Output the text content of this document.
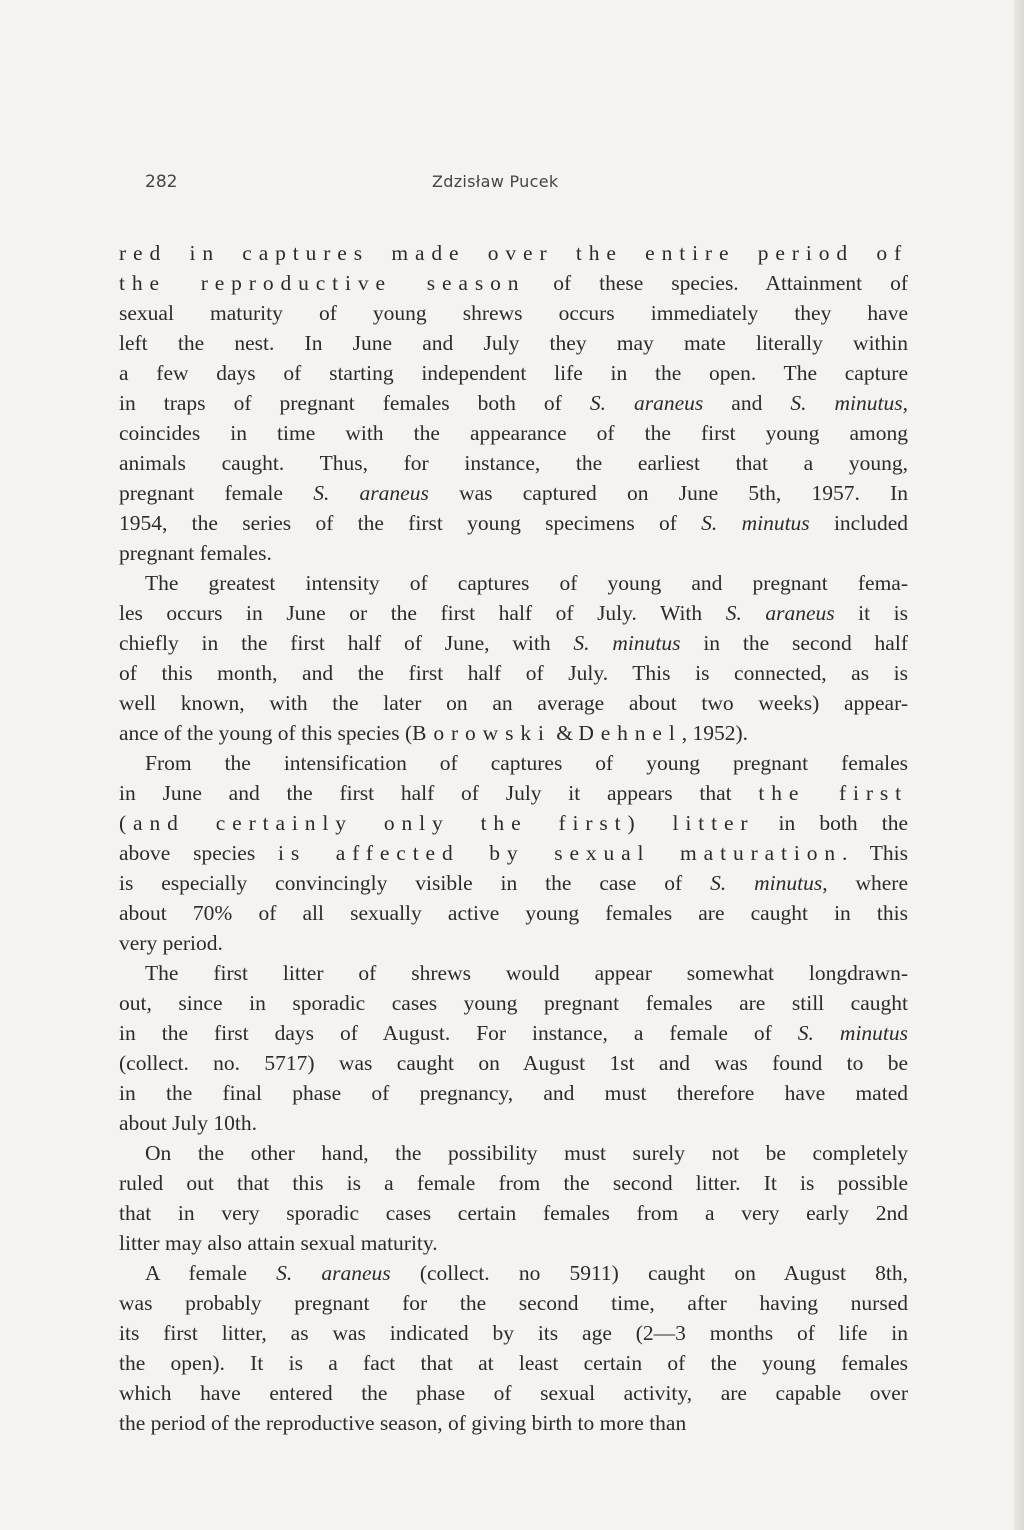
282	Zdzisław Pucek
red in captures made over the entire period of
the reproductive season of these species. Attainment of
sexual maturity of young shrews occurs immediately they have
left the nest. In June and July they may mate literally within
a few days of starting independent life in the open. The capture
in traps of pregnant females both of S. araneus and S. minutus,
coincides in time with the appearance of the first young among
animals caught. Thus, for instance, the earliest that a young,
pregnant female S. araneus was captured on June 5th, 1957. In
1954, the series of the first young specimens of S. minutus included
pregnant females.
The greatest intensity of captures of young and pregnant fema-
les occurs in June or the first half of July. With S. araneus it is
chiefly in the first half of June, with S. minutus in the second half
of this month, and the first half of July. This is connected, as is
well known, with the later on an average about two weeks) appear-
ance of the young of this species (Borowski & Dehnel, 1952).
From the intensification of captures of young pregnant females
in June and the first half of July it appears that the first
(and certainly only the first) litter in both the
above species is affected by sexual maturation. This
is especially convincingly visible in the case of S. minutus, where
about 70% of all sexually active young females are caught in this
very period.
The first litter of shrews would appear somewhat longdrawn-
out, since in sporadic cases young pregnant females are still caught
in the first days of August. For instance, a female of S. minutus
(collect. no. 5717) was caught on August 1st and was found to be
in the final phase of pregnancy, and must therefore have mated
about July 10th.
On the other hand, the possibility must surely not be completely
ruled out that this is a female from the second litter. It is possible
that in very sporadic cases certain females from a very early 2nd
litter may also attain sexual maturity.
A female S. araneus (collect. no 5911) caught on August 8th,
was probably pregnant for the second time, after having nursed
its first litter, as was indicated by its age (2—3 months of life in
the open). It is a fact that at least certain of the young females
which have entered the phase of sexual activity, are capable over
the period of the reproductive season, of giving birth to more than
